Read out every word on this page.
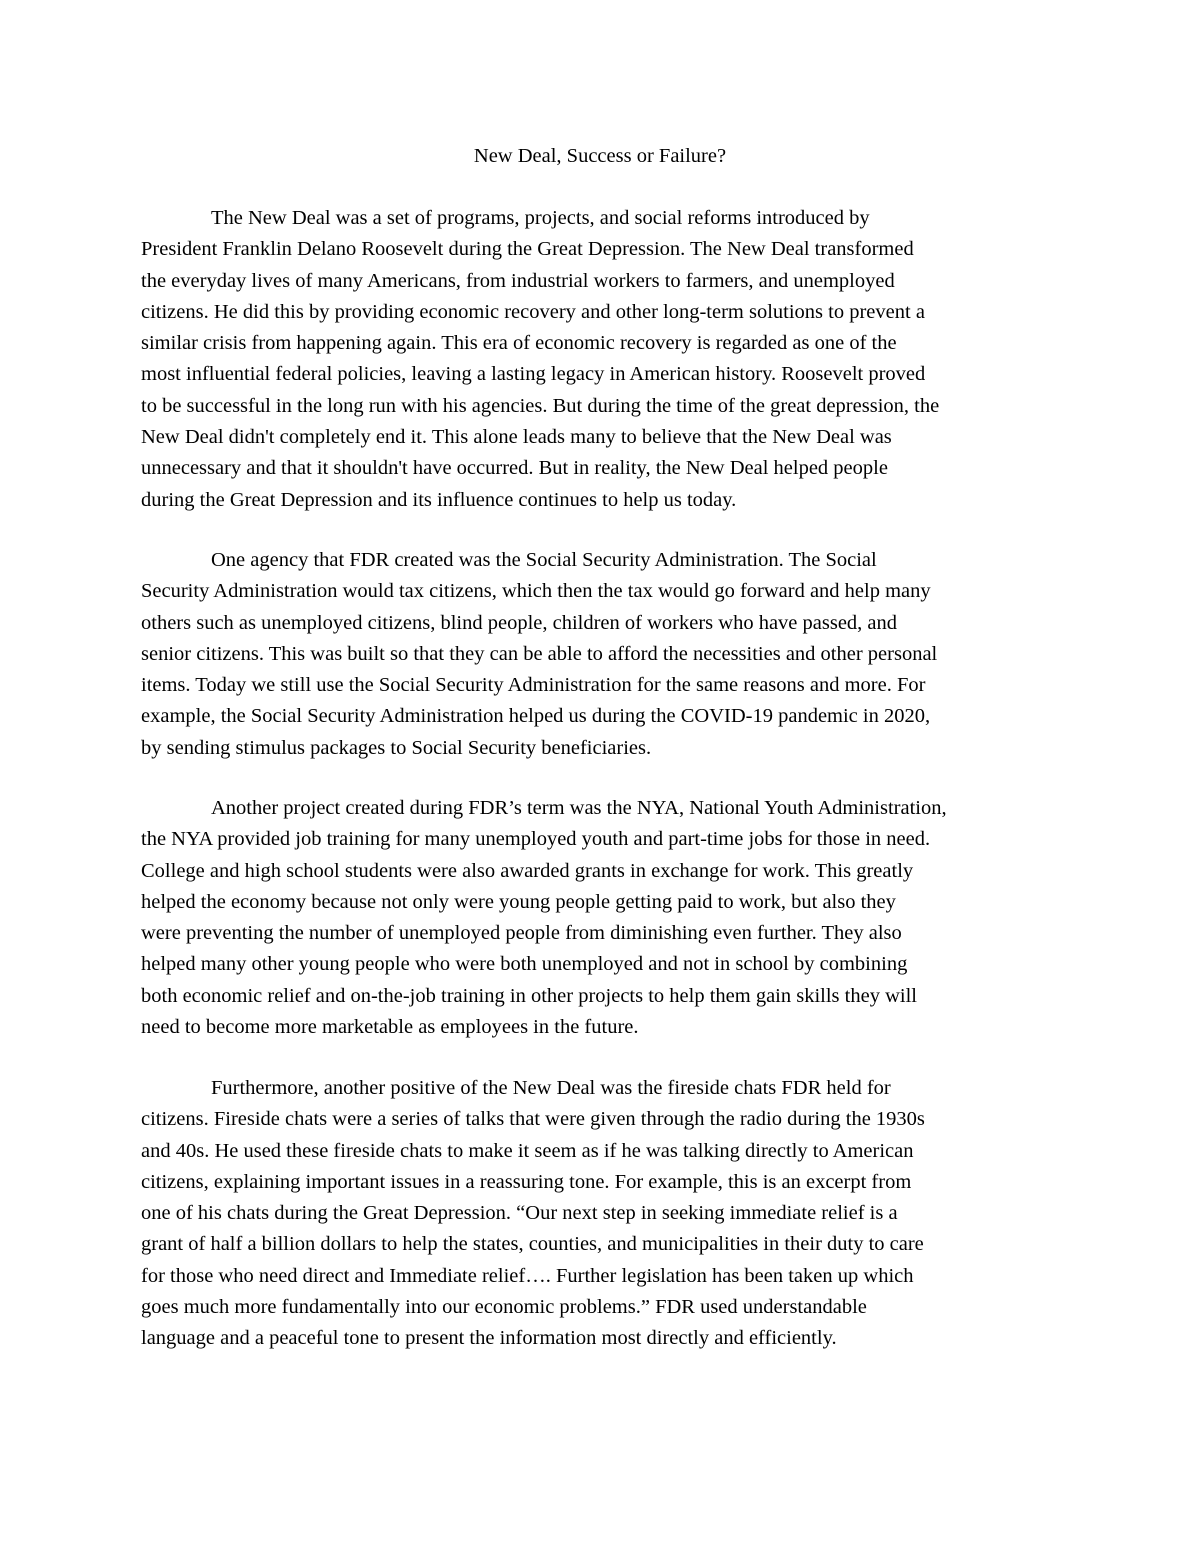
New Deal, Success or Failure?

The New Deal was a set of programs, projects, and social reforms introduced by
President Franklin Delano Roosevelt during the Great Depression. The New Deal transformed
the everyday lives of many Americans, from industrial workers to farmers, and unemployed
citizens. He did this by providing economic recovery and other long-term solutions to prevent a
similar crisis from happening again. This era of economic recovery is regarded as one of the
most influential federal policies, leaving a lasting legacy in American history. Roosevelt proved
to be successful in the long run with his agencies. But during the time of the great depression, the
New Deal didn't completely end it. This alone leads many to believe that the New Deal was
unnecessary and that it shouldn't have occurred. But in reality, the New Deal helped people
during the Great Depression and its influence continues to help us today.

One agency that FDR created was the Social Security Administration. The Social
Security Administration would tax citizens, which then the tax would go forward and help many
others such as unemployed citizens, blind people, children of workers who have passed, and
senior citizens. This was built so that they can be able to afford the necessities and other personal
items. Today we still use the Social Security Administration for the same reasons and more. For
example, the Social Security Administration helped us during the COVID-19 pandemic in 2020,
by sending stimulus packages to Social Security beneficiaries.

Another project created during FDR’s term was the NYA, National Youth Administration,
the NYA provided job training for many unemployed youth and part-time jobs for those in need.
College and high school students were also awarded grants in exchange for work. This greatly
helped the economy because not only were young people getting paid to work, but also they
were preventing the number of unemployed people from diminishing even further. They also
helped many other young people who were both unemployed and not in school by combining
both economic relief and on-the-job training in other projects to help them gain skills they will
need to become more marketable as employees in the future.

Furthermore, another positive of the New Deal was the fireside chats FDR held for
citizens. Fireside chats were a series of talks that were given through the radio during the 1930s
and 40s. He used these fireside chats to make it seem as if he was talking directly to American
citizens, explaining important issues in a reassuring tone. For example, this is an excerpt from
one of his chats during the Great Depression. “Our next step in seeking immediate relief is a
grant of half a billion dollars to help the states, counties, and municipalities in their duty to care
for those who need direct and Immediate relief…. Further legislation has been taken up which
goes much more fundamentally into our economic problems.” FDR used understandable
language and a peaceful tone to present the information most directly and efficiently.
